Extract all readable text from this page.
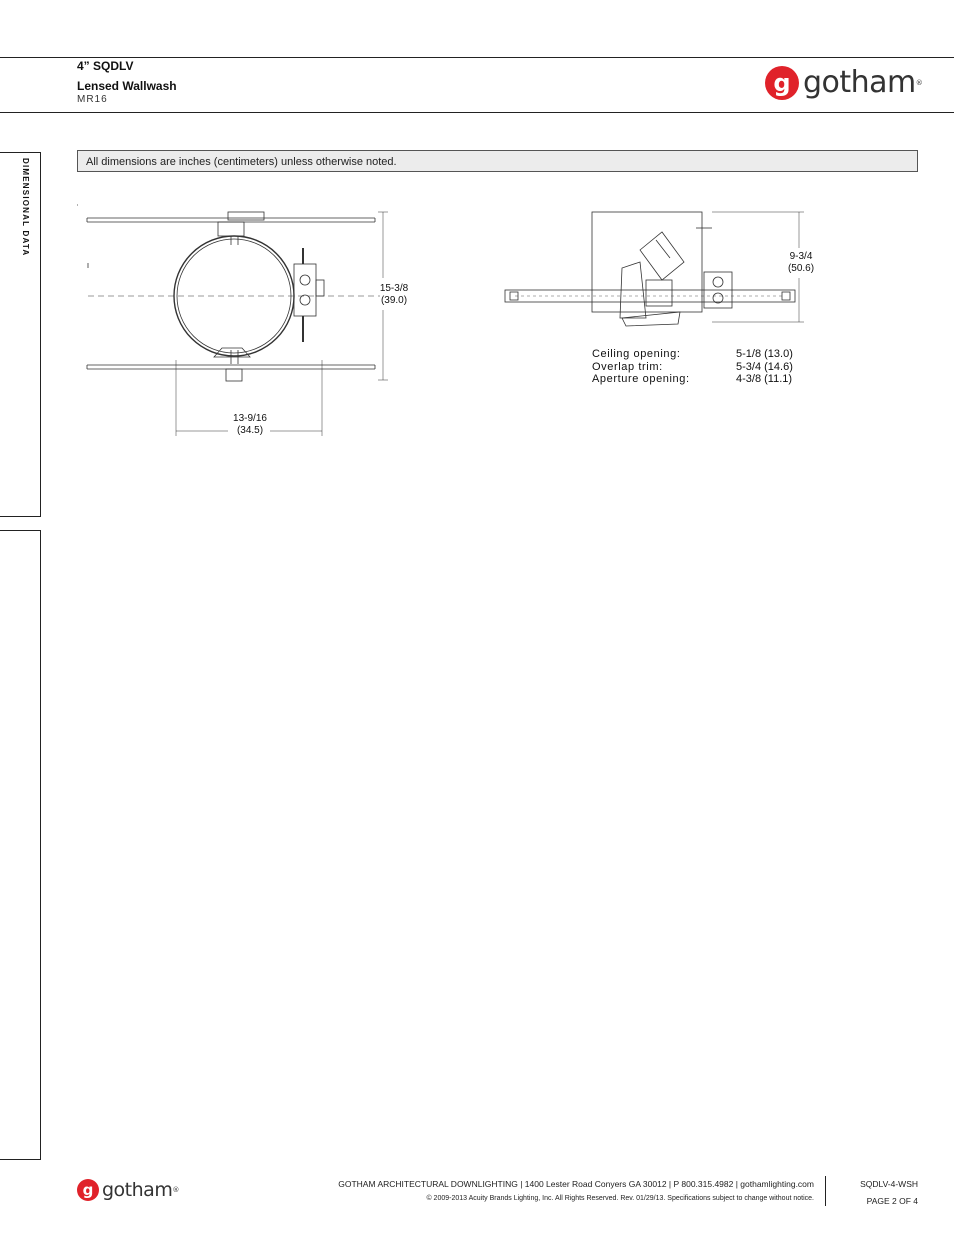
4” SQDLV
Lensed Wallwash
MR16
g gotham®
DIMENSIONAL DATA	All dimensions are inches (centimeters) unless otherwise noted.
15-3/8
(39.0)
13-9/16
(34.5)
9-3/4
(50.6)
Ceiling opening:	5-1/8 (13.0)
Overlap trim:	5-3/4 (14.6)
Aperture opening:	4-3/8 (11.1)
g gotham®
GOTHAM ARCHITECTURAL DOWNLIGHTING | 1400 Lester Road Conyers GA 30012 | P 800.315.4982 | gothamlighting.com
© 2009-2013 Acuity Brands Lighting, Inc. All Rights Reserved. Rev. 01/29/13. Specifications subject to change without notice.
SQDLV-4-WSH
PAGE 2 OF 4
